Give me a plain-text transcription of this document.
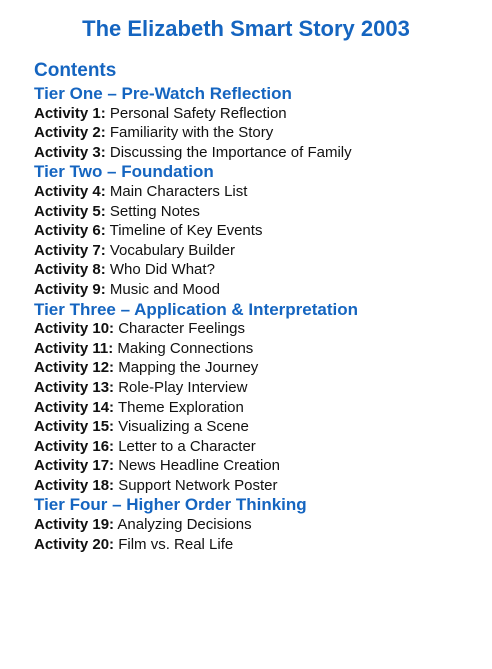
The Elizabeth Smart Story 2003
Contents
Tier One – Pre-Watch Reflection
Activity 1: Personal Safety Reflection
Activity 2: Familiarity with the Story
Activity 3: Discussing the Importance of Family
Tier Two – Foundation
Activity 4: Main Characters List
Activity 5: Setting Notes
Activity 6: Timeline of Key Events
Activity 7: Vocabulary Builder
Activity 8: Who Did What?
Activity 9: Music and Mood
Tier Three – Application & Interpretation
Activity 10: Character Feelings
Activity 11: Making Connections
Activity 12: Mapping the Journey
Activity 13: Role-Play Interview
Activity 14: Theme Exploration
Activity 15: Visualizing a Scene
Activity 16: Letter to a Character
Activity 17: News Headline Creation
Activity 18: Support Network Poster
Tier Four – Higher Order Thinking
Activity 19: Analyzing Decisions
Activity 20: Film vs. Real Life
